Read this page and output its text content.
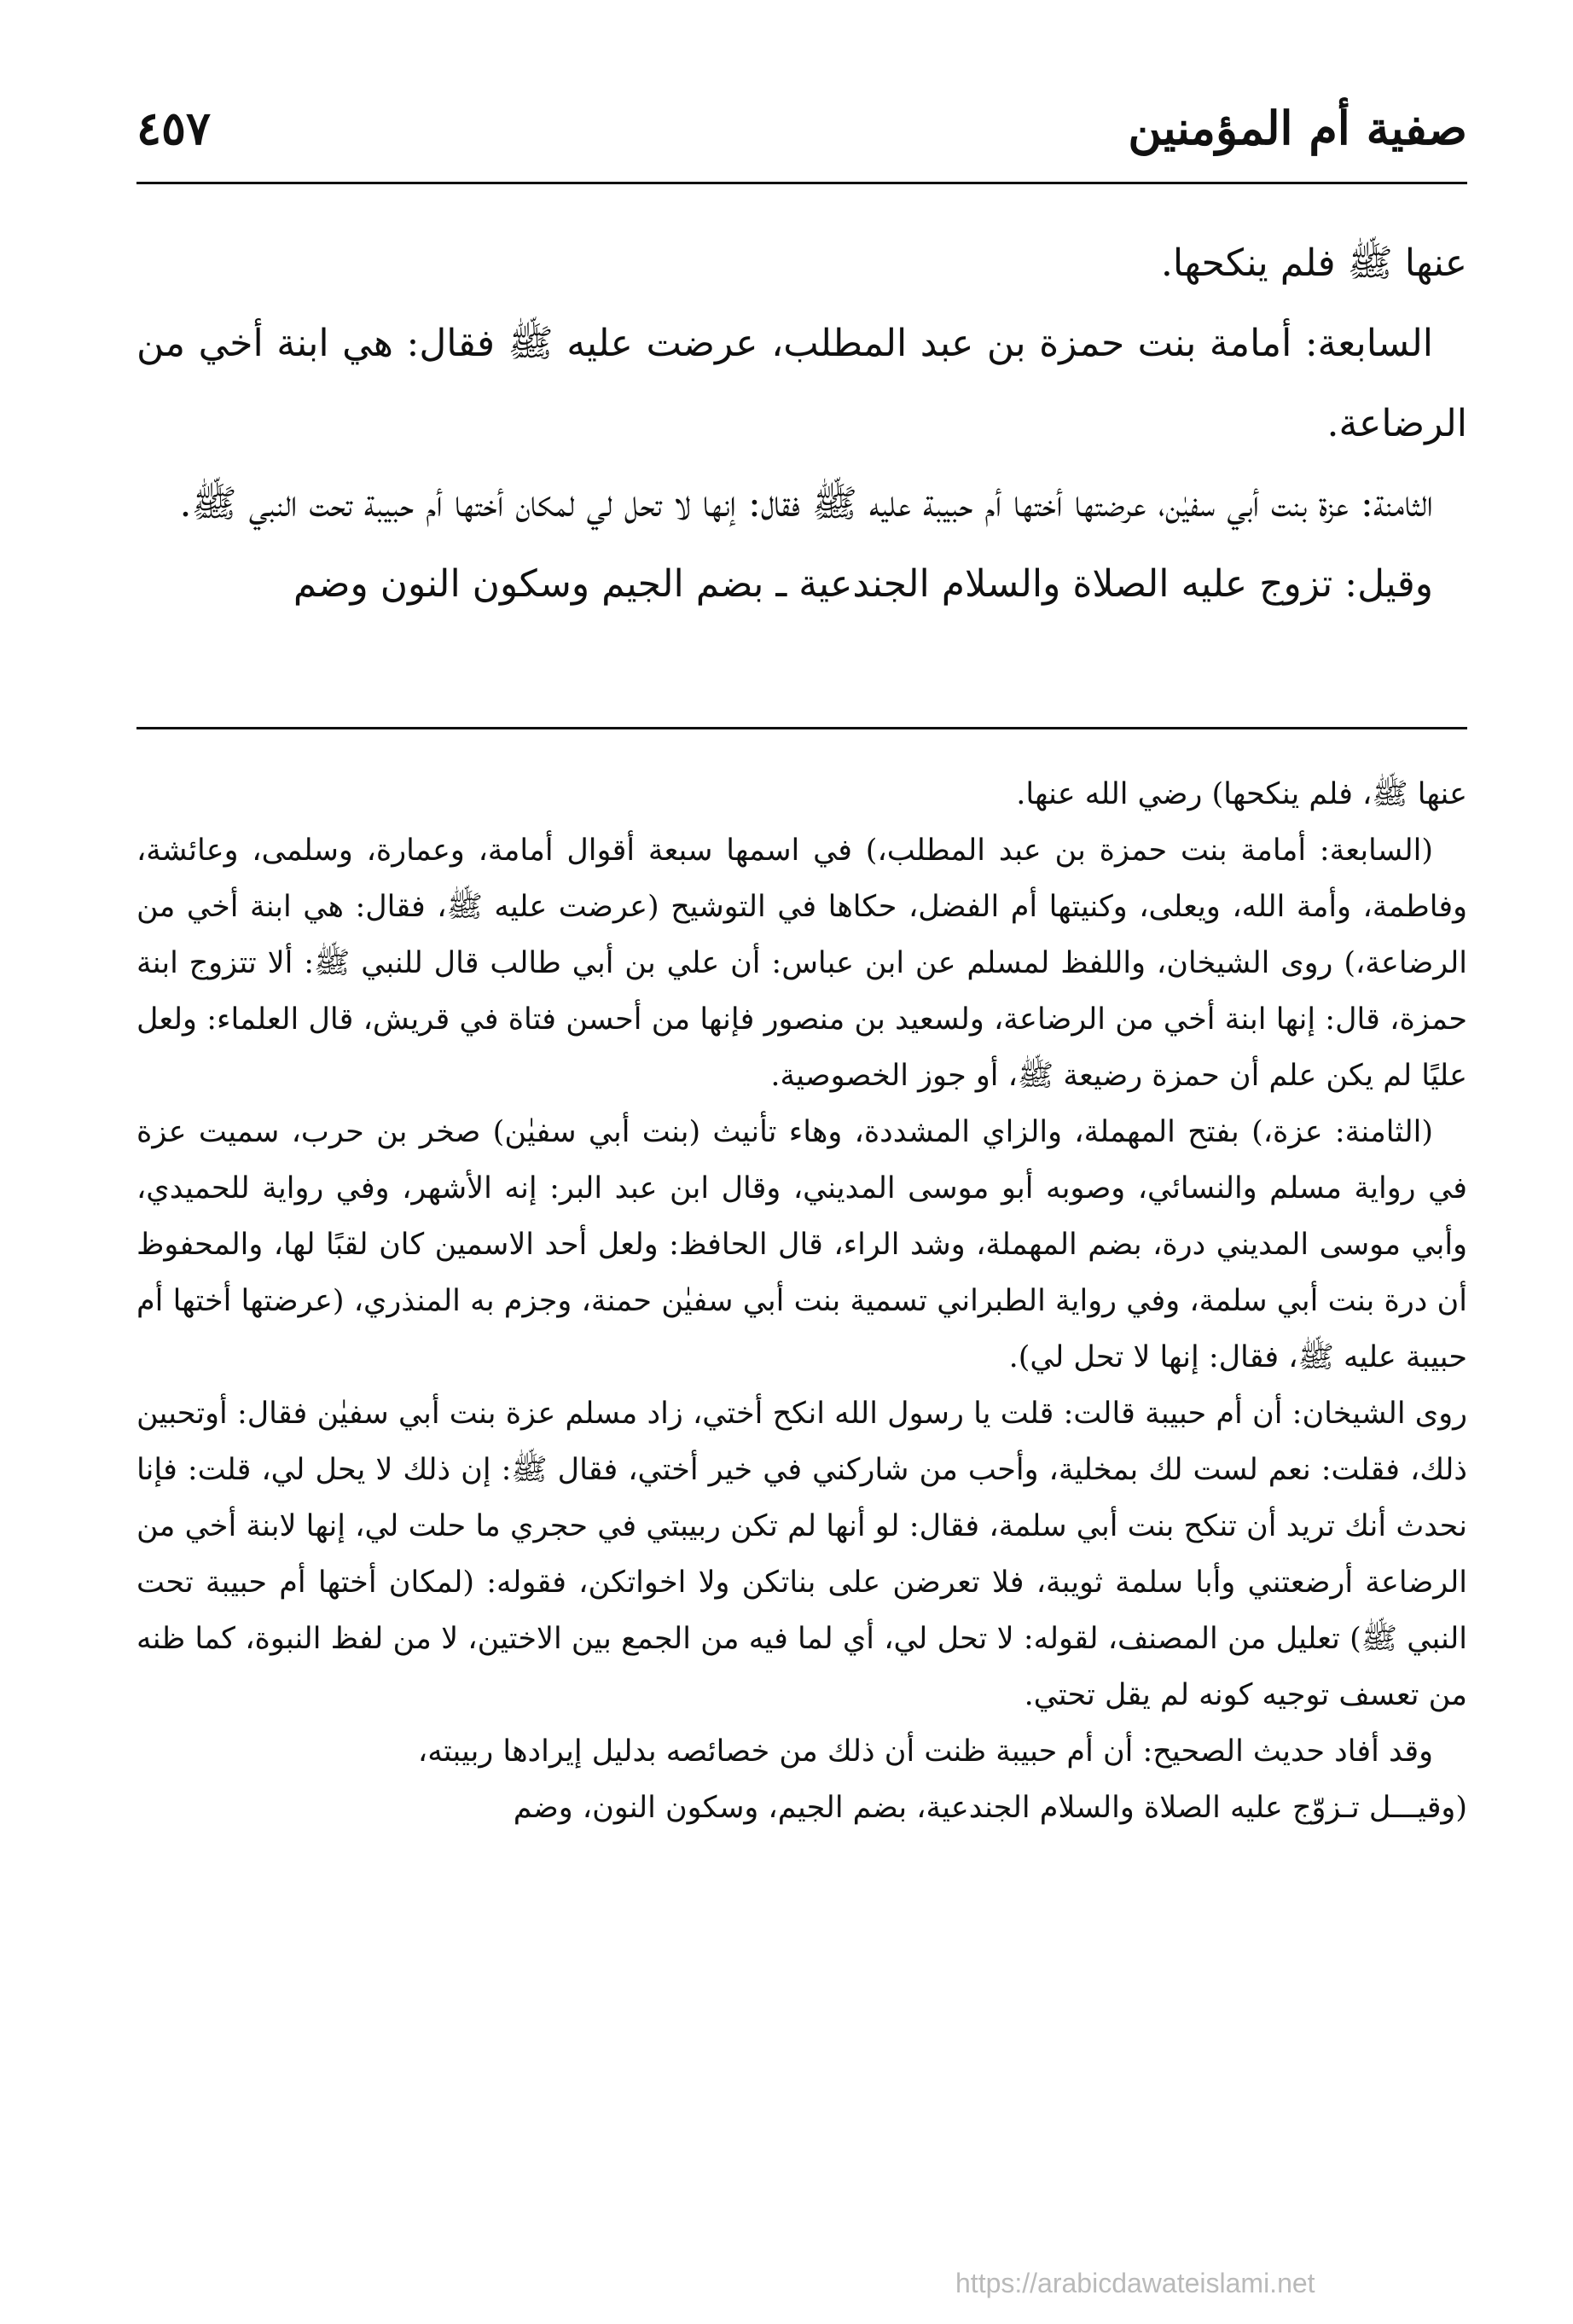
صفية أم المؤمنين
٤٥٧

عنها ﷺ فلم ينكحها.

السابعة: أمامة بنت حمزة بن عبد المطلب، عرضت عليه ﷺ فقال: هي ابنة أخي من الرضاعة.

الثامنة: عزة بنت أبي سفيٰن، عرضتها أختها أم حبيبة عليه ﷺ فقال: إنها لا تحل لي لمكان أختها أم حبيبة تحت النبي ﷺ.

وقيل: تزوج عليه الصلاة والسلام الجندعية ـ بضم الجيم وسكون النون وضم

عنها ﷺ، فلم ينكحها) رضي الله عنها.

(السابعة: أمامة بنت حمزة بن عبد المطلب،) في اسمها سبعة أقوال أمامة، وعمارة، وسلمى، وعائشة، وفاطمة، وأمة الله، ويعلى، وكنيتها أم الفضل، حكاها في التوشيح (عرضت عليه ﷺ، فقال: هي ابنة أخي من الرضاعة،) روى الشيخان، واللفظ لمسلم عن ابن عباس: أن علي بن أبي طالب قال للنبي ﷺ: ألا تتزوج ابنة حمزة، قال: إنها ابنة أخي من الرضاعة، ولسعيد بن منصور فإنها من أحسن فتاة في قريش، قال العلماء: ولعل عليًا لم يكن علم أن حمزة رضيعة ﷺ، أو جوز الخصوصية.

(الثامنة: عزة،) بفتح المهملة، والزاي المشددة، وهاء تأنيث (بنت أبي سفيٰن) صخر بن حرب، سميت عزة في رواية مسلم والنسائي، وصوبه أبو موسى المديني، وقال ابن عبد البر: إنه الأشهر، وفي رواية للحميدي، وأبي موسى المديني درة، بضم المهملة، وشد الراء، قال الحافظ: ولعل أحد الاسمين كان لقبًا لها، والمحفوظ أن درة بنت أبي سلمة، وفي رواية الطبراني تسمية بنت أبي سفيٰن حمنة، وجزم به المنذري، (عرضتها أختها أم حبيبة عليه ﷺ، فقال: إنها لا تحل لي).

روى الشيخان: أن أم حبيبة قالت: قلت يا رسول الله انكح أختي، زاد مسلم عزة بنت أبي سفيٰن فقال: أوتحبين ذلك، فقلت: نعم لست لك بمخلية، وأحب من شاركني في خير أختي، فقال ﷺ: إن ذلك لا يحل لي، قلت: فإنا نحدث أنك تريد أن تنكح بنت أبي سلمة، فقال: لو أنها لم تكن ربيبتي في حجري ما حلت لي، إنها لابنة أخي من الرضاعة أرضعتني وأبا سلمة ثويبة، فلا تعرضن على بناتكن ولا اخواتكن، فقوله: (لمكان أختها أم حبيبة تحت النبي ﷺ) تعليل من المصنف، لقوله: لا تحل لي، أي لما فيه من الجمع بين الاختين، لا من لفظ النبوة، كما ظنه من تعسف توجيه كونه لم يقل تحتي.

وقد أفاد حديث الصحيح: أن أم حبيبة ظنت أن ذلك من خصائصه بدليل إيرادها ربيبته،

(وقيـــل تـزوّج عليه الصلاة والسلام الجندعية، بضم الجيم، وسكون النون، وضم

https://arabicdawateislami.net
